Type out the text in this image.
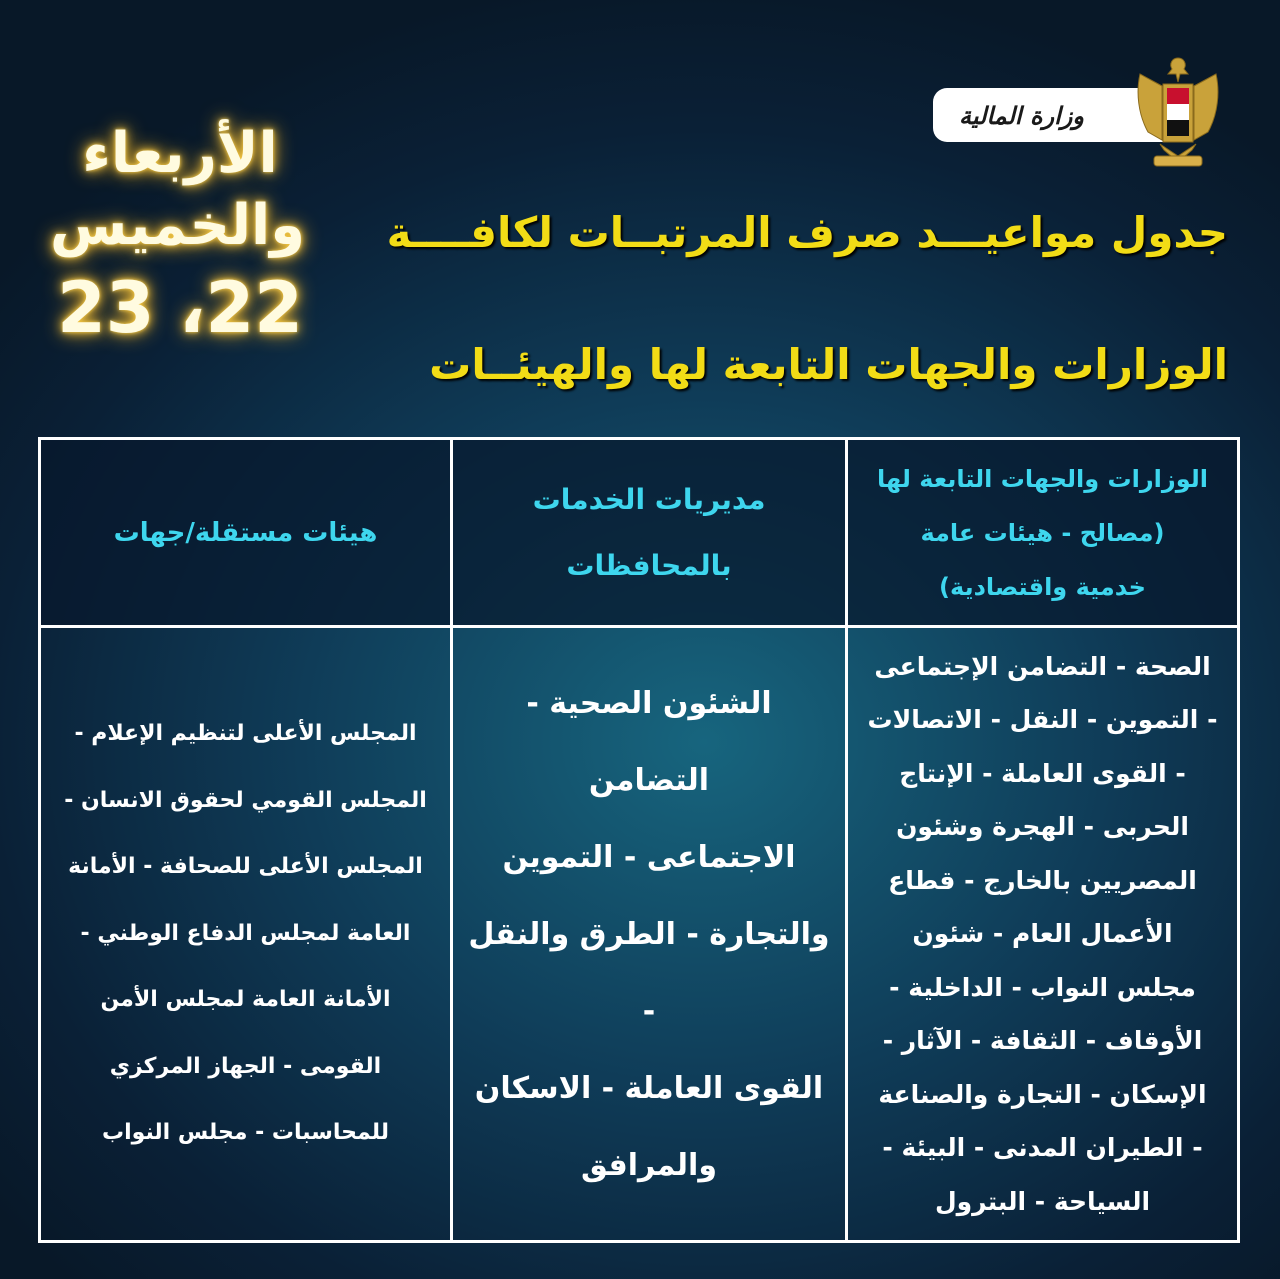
وزارة المالية
الأربعاء
والخميس
22، 23
جدول مواعيـــد صرف المرتبــات لكافــــة
الوزارات والجهات التابعة لها والهيئــات
الوزارات والجهات التابعة لها
(مصالح - هيئات عامة
خدمية واقتصادية)
مديريات الخدمات
بالمحافظات
هيئات مستقلة/جهات
الصحة - التضامن الإجتماعى
- التموين - النقل - الاتصالات
- القوى العاملة - الإنتاج
الحربى - الهجرة وشئون
المصريين بالخارج - قطاع
الأعمال العام - شئون
مجلس النواب - الداخلية -
الأوقاف - الثقافة - الآثار -
الإسكان - التجارة والصناعة
- الطيران المدنى - البيئة -
السياحة - البترول
الشئون الصحية - التضامن
الاجتماعى - التموين
والتجارة - الطرق والنقل -
القوى العاملة - الاسكان
والمرافق
المجلس الأعلى لتنظيم الإعلام -
المجلس القومي لحقوق الانسان -
المجلس الأعلى للصحافة - الأمانة
العامة لمجلس الدفاع الوطني -
الأمانة العامة لمجلس الأمن
القومى - الجهاز المركزي
للمحاسبات - مجلس النواب
